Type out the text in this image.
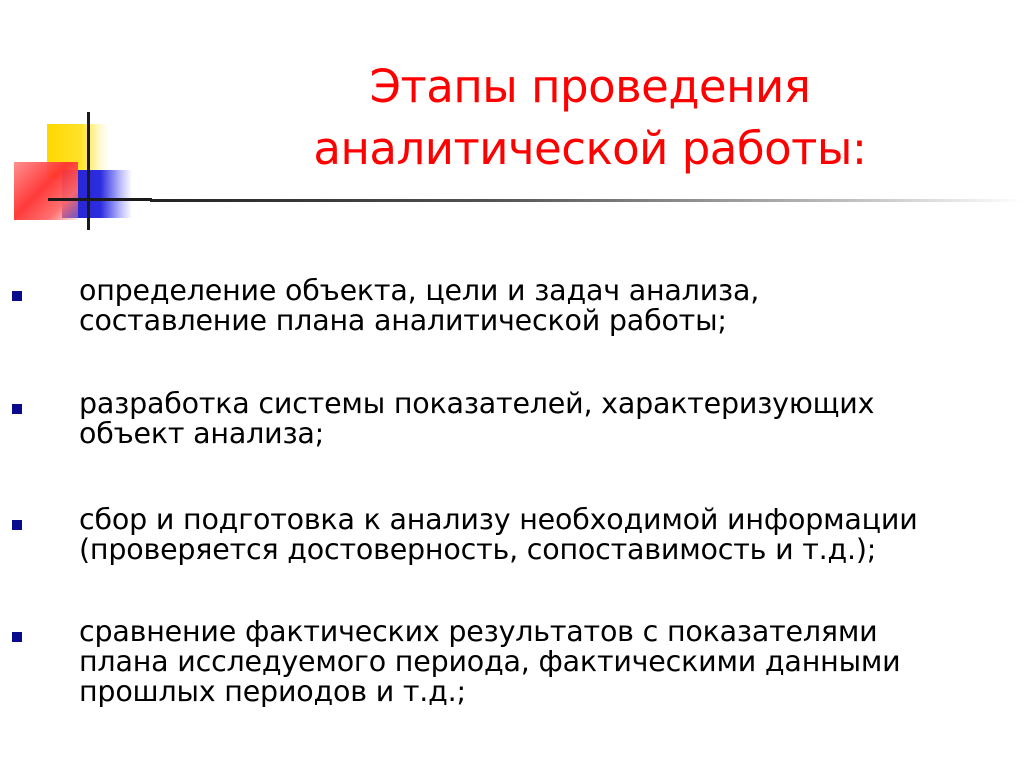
Этапы проведения
аналитической работы:
определение объекта, цели и задач анализа,
составление плана аналитической работы;
разработка системы показателей, характеризующих
объект анализа;
сбор и подготовка к анализу необходимой информации
(проверяется достоверность, сопоставимость и т.д.);
сравнение фактических результатов с показателями
плана исследуемого периода, фактическими данными
прошлых периодов и т.д.;
